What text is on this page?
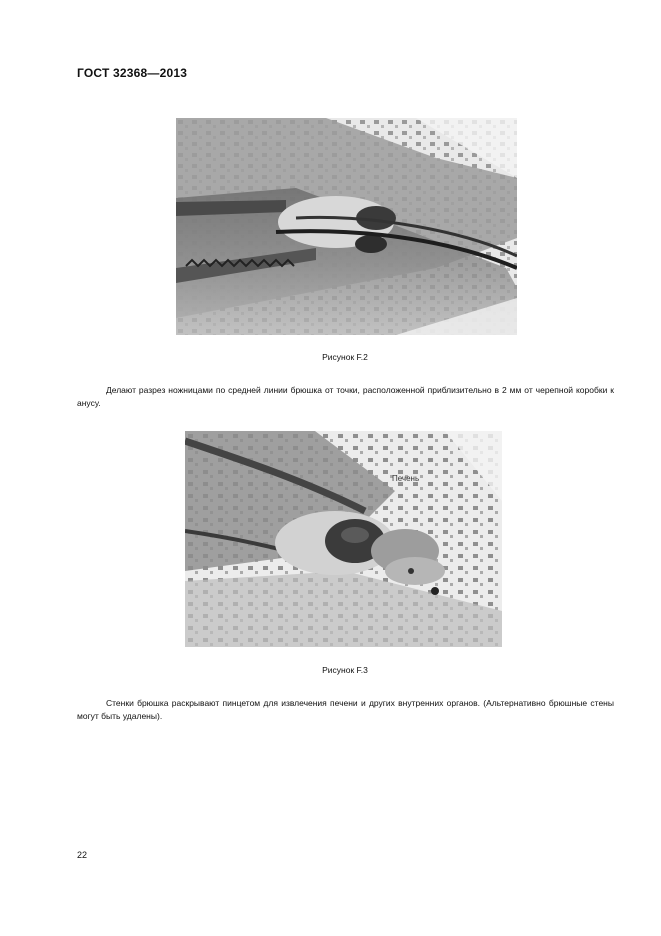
ГОСТ 32368—2013
Рисунок F.2
Делают разрез ножницами по средней линии брюшка от точки, расположенной приблизительно в 2 мм от черепной коробки к анусу.
Печень
Рисунок F.3
Стенки брюшка раскрывают пинцетом для извлечения печени и других внутренних органов. (Альтернативно брюшные стены могут быть удалены).
22
